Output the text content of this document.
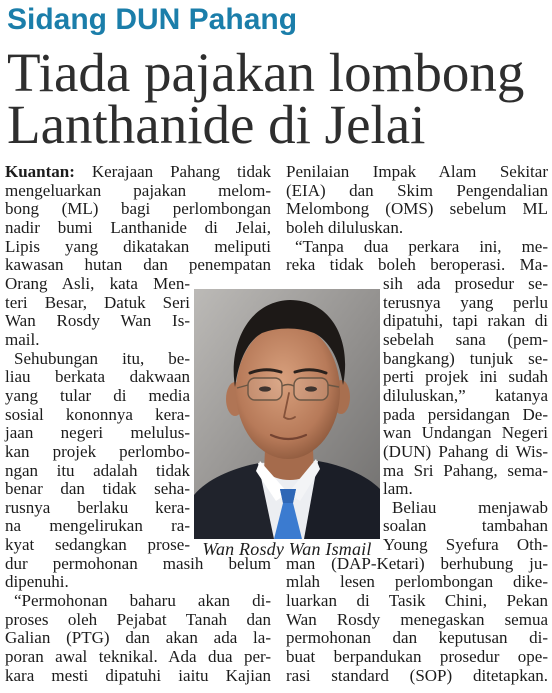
Sidang DUN Pahang
Tiada pajakan lombong
Lanthanide di Jelai
Kuantan: Kerajaan Pahang tidak
mengeluarkan pajakan melom-
bong (ML) bagi perlombongan
nadir bumi Lanthanide di Jelai,
Lipis yang dikatakan meliputi
kawasan hutan dan penempatan
Orang Asli, kata Men-
teri Besar, Datuk Seri
Wan Rosdy Wan Is-
mail.
Sehubungan itu, be-
liau berkata dakwaan
yang tular di media
sosial kononnya kera-
jaan negeri melulus-
kan projek perlombo-
ngan itu adalah tidak
benar dan tidak seha-
rusnya berlaku kera-
na mengelirukan ra-
kyat sedangkan prose-
dur permohonan masih belum
dipenuhi.
“Permohonan baharu akan di-
proses oleh Pejabat Tanah dan
Galian (PTG) dan akan ada la-
poran awal teknikal. Ada dua per-
kara mesti dipatuhi iaitu Kajian
Penilaian Impak Alam Sekitar
(EIA) dan Skim Pengendalian
Melombong (OMS) sebelum ML
boleh diluluskan.
“Tanpa dua perkara ini, me-
reka tidak boleh beroperasi. Ma-
sih ada prosedur se-
terusnya yang perlu
dipatuhi, tapi rakan di
sebelah sana (pem-
bangkang) tunjuk se-
perti projek ini sudah
diluluskan,” katanya
pada persidangan De-
wan Undangan Negeri
(DUN) Pahang di Wis-
ma Sri Pahang, sema-
lam.
Beliau menjawab
soalan tambahan
Young Syefura Oth-
man (DAP-Ketari) berhubung ju-
mlah lesen perlombongan dike-
luarkan di Tasik Chini, Pekan
Wan Rosdy menegaskan semua
permohonan dan keputusan di-
buat berpandukan prosedur ope-
rasi standard (SOP) ditetapkan.
Wan Rosdy Wan Ismail
